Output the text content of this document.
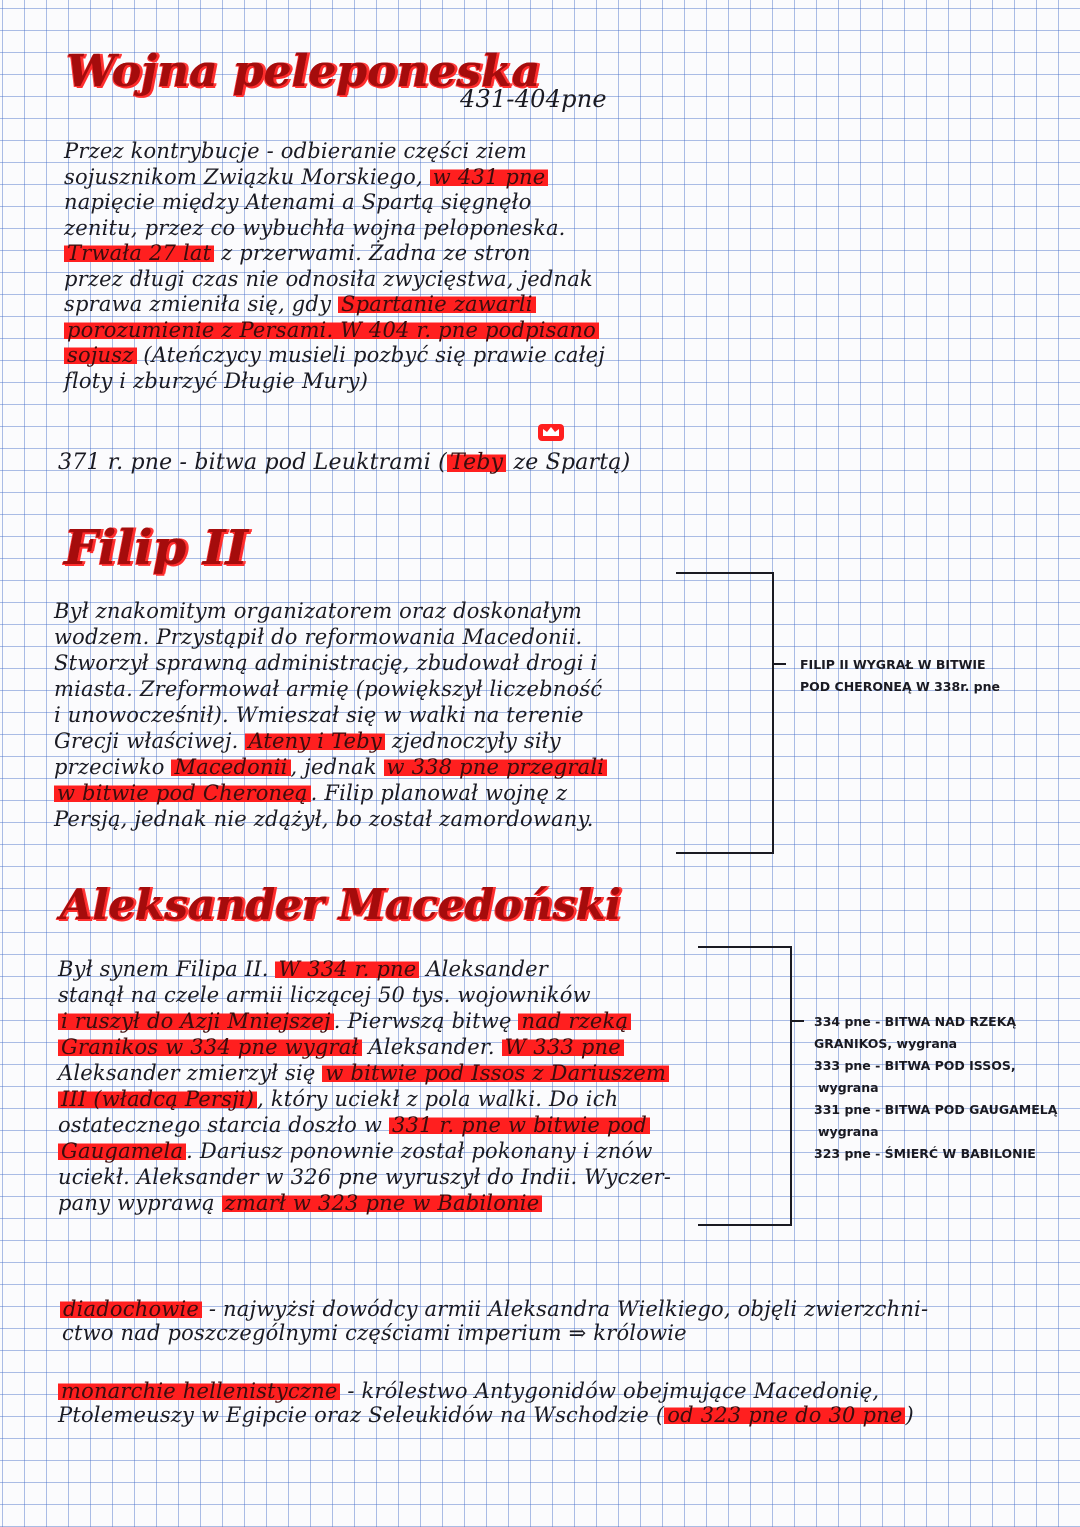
Wojna peleponeska
431-404pne
Przez kontrybucje - odbieranie części ziem
sojusznikom Związku Morskiego, w 431 pne
napięcie między Atenami a Spartą sięgnęło
zenitu, przez co wybuchła wojna peloponeska.
Trwała 27 lat z przerwami. Żadna ze stron
przez długi czas nie odnosiła zwycięstwa, jednak
sprawa zmieniła się, gdy Spartanie zawarli
porozumienie z Persami. W 404 r. pne podpisano
sojusz (Ateńczycy musieli pozbyć się prawie całej
floty i zburzyć Długie Mury)
371 r. pne - bitwa pod Leuktrami ( Teby ze Spartą)
Filip II
Był znakomitym organizatorem oraz doskonałym
wodzem. Przystąpił do reformowania Macedonii.
Stworzył sprawną administrację, zbudował drogi i
miasta. Zreformował armię (powiększył liczebność
i unowocześnił). Wmieszał się w walki na terenie
Grecji właściwej. Ateny i Teby zjednoczyły siły
przeciwko Macedonii , jednak w 338 pne przegrali
w bitwie pod Cheroneą . Filip planował wojnę z
Persją, jednak nie zdążył, bo został zamordowany.
FILIP II WYGRAŁ W BITWIE
POD CHERONEĄ W 338r. pne
Aleksander Macedoński
Był synem Filipa II. W 334 r. pne Aleksander
stanął na czele armii liczącej 50 tys. wojowników
i ruszył do Azji Mniejszej . Pierwszą bitwę nad rzeką
Granikos w 334 pne wygrał Aleksander. W 333 pne
Aleksander zmierzył się w bitwie pod Issos z Dariuszem
III (władcą Persji) , który uciekł z pola walki. Do ich
ostatecznego starcia doszło w 331 r. pne w bitwie pod
Gaugamela . Dariusz ponownie został pokonany i znów
uciekł. Aleksander w 326 pne wyruszył do Indii. Wyczer-
pany wyprawą zmarł w 323 pne w Babilonie
334 pne - BITWA NAD RZEKĄ
GRANIKOS, wygrana
333 pne - BITWA POD ISSOS,
wygrana
331 pne - BITWA POD GAUGAMELĄ
wygrana
323 pne - ŚMIERĆ W BABILONIE
diadochowie - najwyżsi dowódcy armii Aleksandra Wielkiego, objęli zwierzchni-
ctwo nad poszczególnymi częściami imperium ⇒ królowie
monarchie hellenistyczne - królestwo Antygonidów obejmujące Macedonię,
Ptolemeuszy w Egipcie oraz Seleukidów na Wschodzie ( od 323 pne do 30 pne )
